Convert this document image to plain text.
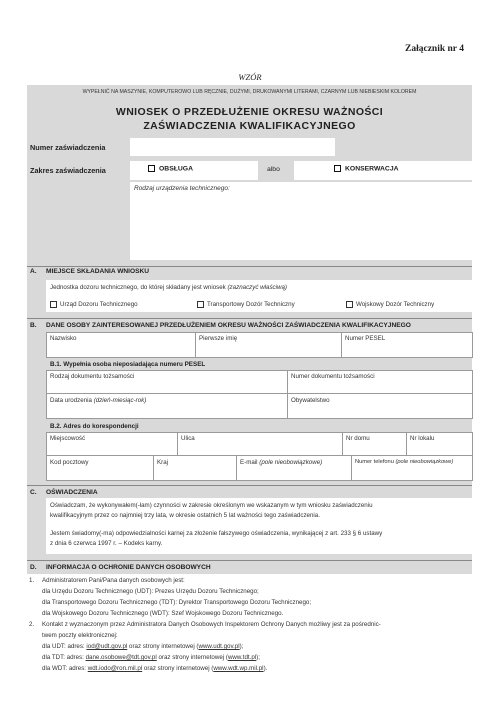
Załącznik nr 4
WZÓR
WYPEŁNIĆ NA MASZYNIE, KOMPUTEROWO LUB RĘCZNIE, DUŻYMI, DRUKOWANYMI LITERAMI, CZARNYM LUB NIEBIESKIM KOLOREM
WNIOSEK O PRZEDŁUŻENIE OKRESU WAŻNOŚCI
ZAŚWIADCZENIA KWALIFIKACYJNEGO
Numer zaświadczenia
Zakres zaświadczenia	OBSŁUGA	albo	KONSERWACJA
Rodzaj urządzenia technicznego:
A. MIEJSCE SKŁADANIA WNIOSKU
Jednostka dozoru technicznego, do której składany jest wniosek (zaznaczyć właściwą)
Urząd Dozoru Technicznego	Transportowy Dozór Techniczny	Wojskowy Dozór Techniczny
B. DANE OSOBY ZAINTERESOWANEJ PRZEDŁUŻENIEM OKRESU WAŻNOŚCI ZAŚWIADCZENIA KWALIFIKACYJNEGO
Nazwisko	Pierwsze imię	Numer PESEL
B.1. Wypełnia osoba nieposiadająca numeru PESEL
Rodzaj dokumentu tożsamości	Numer dokumentu tożsamości
Data urodzenia (dzień-miesiąc-rok)	Obywatelstwo
B.2. Adres do korespondencji
Miejscowość	Ulica	Nr domu	Nr lokalu
Kod pocztowy	Kraj	E-mail (pole nieobowiązkowe)	Numer telefonu (pole nieobowiązkowe)
C. OŚWIADCZENIA
Oświadczam, że wykonywałem(-łam) czynności w zakresie określonym we wskazanym w tym wniosku zaświadczeniu
kwalifikacyjnym przez co najmniej trzy lata, w okresie ostatnich 5 lat ważności tego zaświadczenia.
Jestem świadomy(-ma) odpowiedzialności karnej za złożenie fałszywego oświadczenia, wynikającej z art. 233 § 6 ustawy
z dnia 6 czerwca 1997 r. – Kodeks karny.
D. INFORMACJA O OCHRONIE DANYCH OSOBOWYCH
1. Administratorem Pani/Pana danych osobowych jest:
dla Urzędu Dozoru Technicznego (UDT): Prezes Urzędu Dozoru Technicznego;
dla Transportowego Dozoru Technicznego (TDT): Dyrektor Transportowego Dozoru Technicznego;
dla Wojskowego Dozoru Technicznego (WDT): Szef Wojskowego Dozoru Technicznego.
2. Kontakt z wyznaczonym przez Administratora Danych Osobowych Inspektorem Ochrony Danych możliwy jest za pośrednic-
twem poczty elektronicznej:
dla UDT: adres: iod@udt.gov.pl oraz strony internetowej (www.udt.gov.pl);
dla TDT: adres: dane.osobowe@tdt.gov.pl oraz strony internetowej (www.tdt.pl);
dla WDT: adres: wdt.iodo@ron.mil.pl oraz strony internetowej (www.wdt.wp.mil.pl).
